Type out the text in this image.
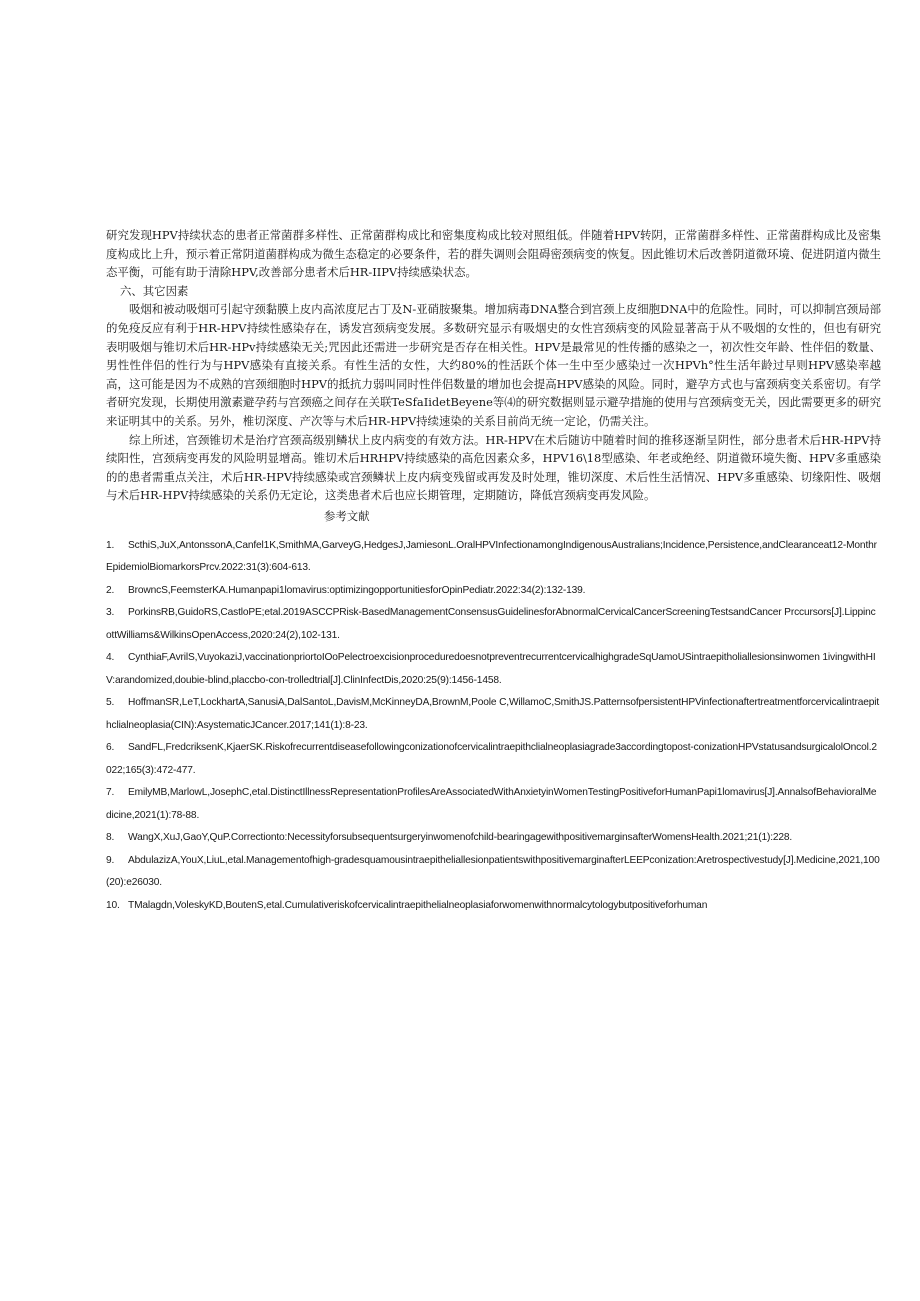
研究发现HPV持续状态的患者正常菌群多样性、正常菌群构成比和密集度构成比较对照组低。伴随着HPV转阴，正常菌群多样性、正常菌群构成比及密集度构成比上升，预示着正常阴道菌群构成为微生态稳定的必要条件，若的群失调则会阻碍密颈病变的恢复。因此锥切术后改善阴道微环境、促进阴道内微生态平衡，可能有助于清除HPV,改善部分患者术后HR-IIPV持续感染状态。

六、其它因素

吸烟和被动吸烟可引起守颈黏膜上皮内高浓度尼古丁及N-亚硝胺聚集。增加病毒DNA整合到宫颈上皮细胞DNA中的危险性。同时，可以抑制宫颈局部的免疫反应有利于HR-HPV持续性感染存在，诱发宫颈病变发展。多数研究显示有吸烟史的女性宫颈病变的风险显著高于从不吸烟的女性的，但也有研究表明吸烟与锥切术后HR-HPv持续感染无关;咒因此还需进一步研究是否存在相关性。HPV是最常见的性传播的感染之一，初次性交年龄、性伴侣的数量、男性性伴侣的性行为与HPV感染有直接关系。有性生活的女性，大约80%的性活跃个体一生中至少感染过一次HPVh°性生活年龄过早则HPV感染率越高，这可能是因为不成熟的宫颈细胞时HPV的抵抗力弱叫同时性伴侣数量的增加也会提高HPV感染的风险。同时，避孕方式也与富颈病变关系密切。有学者研究发现，长期使用激素避孕药与宫颈癌之间存在关联TeSfaIidetBeyene等⑷的研究数据则显示避孕措施的使用与宫颈病变无关，因此需要更多的研究来证明其中的关系。另外，椎切深度、产次等与术后HR-HPV持续速染的关系目前尚无统一定论，仍需关注。

综上所述，宫颈锥切术是治疗宫颈高级别鳞状上皮内病变的有效方法。HR-HPV在术后随访中随着时间的推移逐渐呈阴性，部分患者术后HR-HPV持续阳性，宫颈病变再发的风险明显增高。锥切术后HRHPV持续感染的高危因素众多，HPV16\18型感染、年老或绝经、阴道微环境失衡、HPV多重感染的的患者需重点关注，术后HR-HPV持续感染或宫颈鳞状上皮内病变残留或再发及时处理，锥切深度、术后性生活情况、HPV多重感染、切缘阳性、吸烟与术后HR-HPV持续感染的关系仍无定论，这类患者术后也应长期管理，定期随访，降低宫颈病变再发风险。

参考文献

1. ScthiS,JuX,AntonssonA,Canfel1K,SmithMA,GarveyG,HedgesJ,JamiesonL.OralHPVInfectionamongIndigenousAustralians;Incidence,Persistence,andClearanceat12-MonthrEpidemiolBiomarkorsPrcv.2022:31(3):604-613.
2. BrowncS,FeemsterKA.Humanpapi1lomavirus:optimizingopportunitiesforOpinPediatr.2022:34(2):132-139.
3. PorkinsRB,GuidoRS,CastloPE;etal.2019ASCCPRisk-BasedManagementConsensusGuidelinesforAbnormalCervicalCancerScreeningTestsandCancer Prccursors[J].LippincottWilliams&WilkinsOpenAccess,2020:24(2),102-131.
4. CynthiaF,AvrilS,VuyokaziJ,vaccinationpriortoIOoPelectroexcisionproceduredoesnotpreventrecurrentcervicalhighgradeSqUamoUSintraepitholiallesionsinwomen 1ivingwithHIV:arandomized,doubie-blind,placcbo-con-trolledtrial[J].ClinInfectDis,2020:25(9):1456-1458.
5. HoffmanSR,LeT,LockhartA,SanusiA,DalSantoL,DavisM,McKinneyDA,BrownM,Poole C,WillamoC,SmithJS.PatternsofpersistentHPVinfectionaftertreatmentforcervicalintraepithclialneoplasia(CIN):AsystematicJCancer.2017;141(1):8-23.
6. SandFL,FredcriksenK,KjaerSK.Riskofrecurrentdiseasefollowingconizationofcervicalintraepithclialneoplasiagrade3accordingtopost-conizationHPVstatusandsurgicalolOncol.2022;165(3):472-477.
7. EmilyMB,MarlowL,JosephC,etal.DistinctIllnessRepresentationProfilesAreAssociatedWithAnxietyinWomenTestingPositiveforHumanPapi1lomavirus[J].AnnalsofBehavioralMedicine,2021(1):78-88.
8. WangX,XuJ,GaoY,QuP.Correctionto:Necessityforsubsequentsurgeryinwomenofchild-bearingagewithpositivemarginsafterWomensHealth.2021;21(1):228.
9. AbdulazizA,YouX,LiuL,etal.Managementofhigh-gradesquamousintraepitheliallesionpatientswithpositivemarginafterLEEPconization:Aretrospectivestudy[J].Medicine,2021,100(20):e26030.
10. TMalagdn,VoleskyKD,BoutenS,etal.Cumulativeriskofcervicalintraepithelialneoplasiaforwomenwithnormalcytologybutpositiveforhuman
